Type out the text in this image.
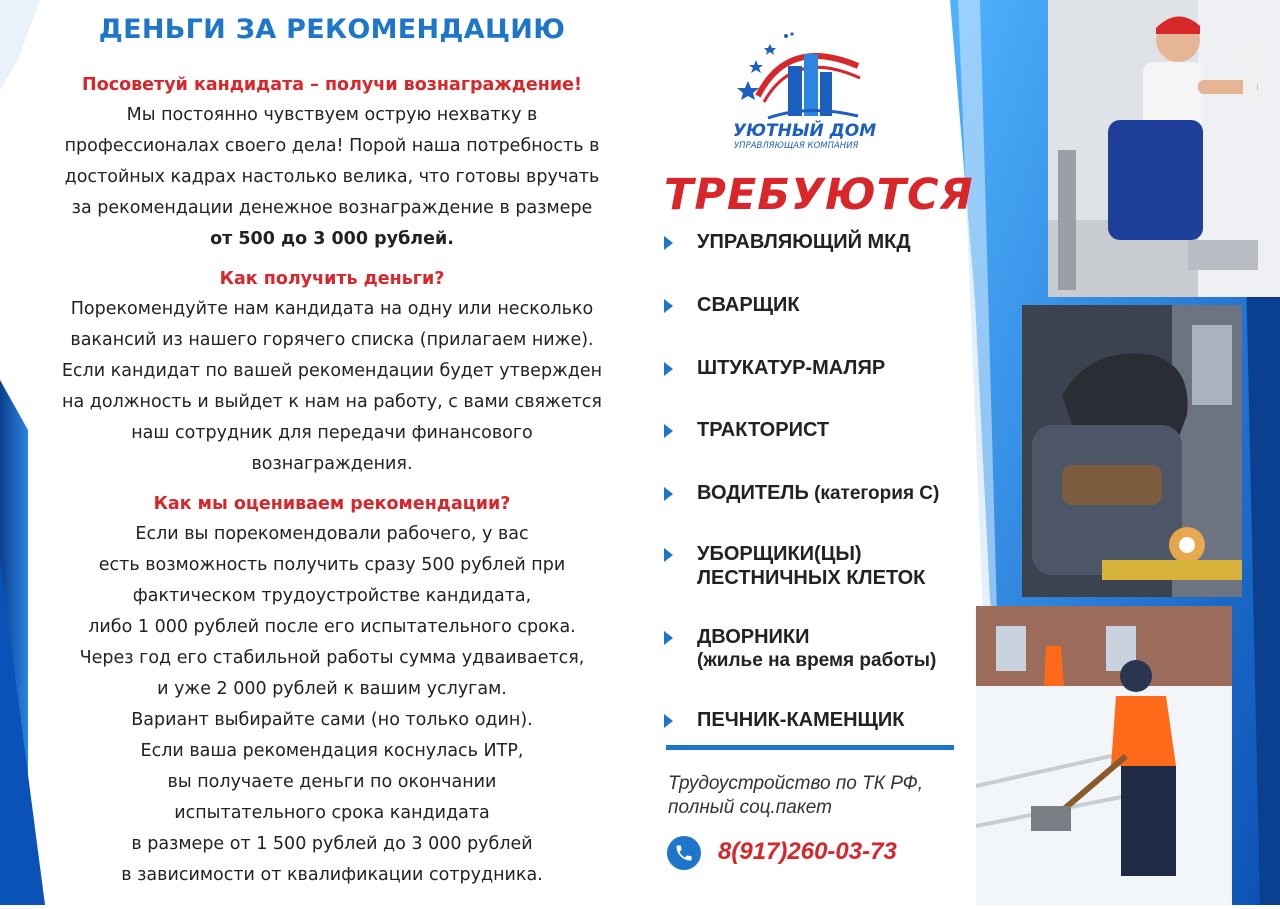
ДЕНЬГИ ЗА РЕКОМЕНДАЦИЮ
Посоветуй кандидата – получи вознаграждение!
Мы постоянно чувствуем острую нехватку в
профессионалах своего дела! Порой наша потребность в
достойных кадрах настолько велика, что готовы вручать
за рекомендации денежное вознаграждение в размере
от 500 до 3 000 рублей.
Как получить деньги?
Порекомендуйте нам кандидата на одну или несколько
вакансий из нашего горячего списка (прилагаем ниже).
Если кандидат по вашей рекомендации будет утвержден
на должность и выйдет к нам на работу, с вами свяжется
наш сотрудник для передачи финансового
вознаграждения.
Как мы оцениваем рекомендации?
Если вы порекомендовали рабочего, у вас
есть возможность получить сразу 500 рублей при
фактическом трудоустройстве кандидата,
либо 1 000 рублей после его испытательного срока.
Через год его стабильной работы сумма удваивается,
и уже 2 000 рублей к вашим услугам.
Вариант выбирайте сами (но только один).
Если ваша рекомендация коснулась ИТР,
вы получаете деньги по окончании
испытательного срока кандидата
в размере от 1 500 рублей до 3 000 рублей
в зависимости от квалификации сотрудника.
УЮТНЫЙ ДОМ
УПРАВЛЯЮЩАЯ КОМПАНИЯ
ТРЕБУЮТСЯ
УПРАВЛЯЮЩИЙ МКД
СВАРЩИК
ШТУКАТУР-МАЛЯР
ТРАКТОРИСТ
ВОДИТЕЛЬ (категория С)
УБОРЩИКИ(ЦЫ)
ЛЕСТНИЧНЫХ КЛЕТОК
ДВОРНИКИ
(жилье на время работы)
ПЕЧНИК-КАМЕНЩИК
Трудоустройство по ТК РФ,
полный соц.пакет
8(917)260-03-73
